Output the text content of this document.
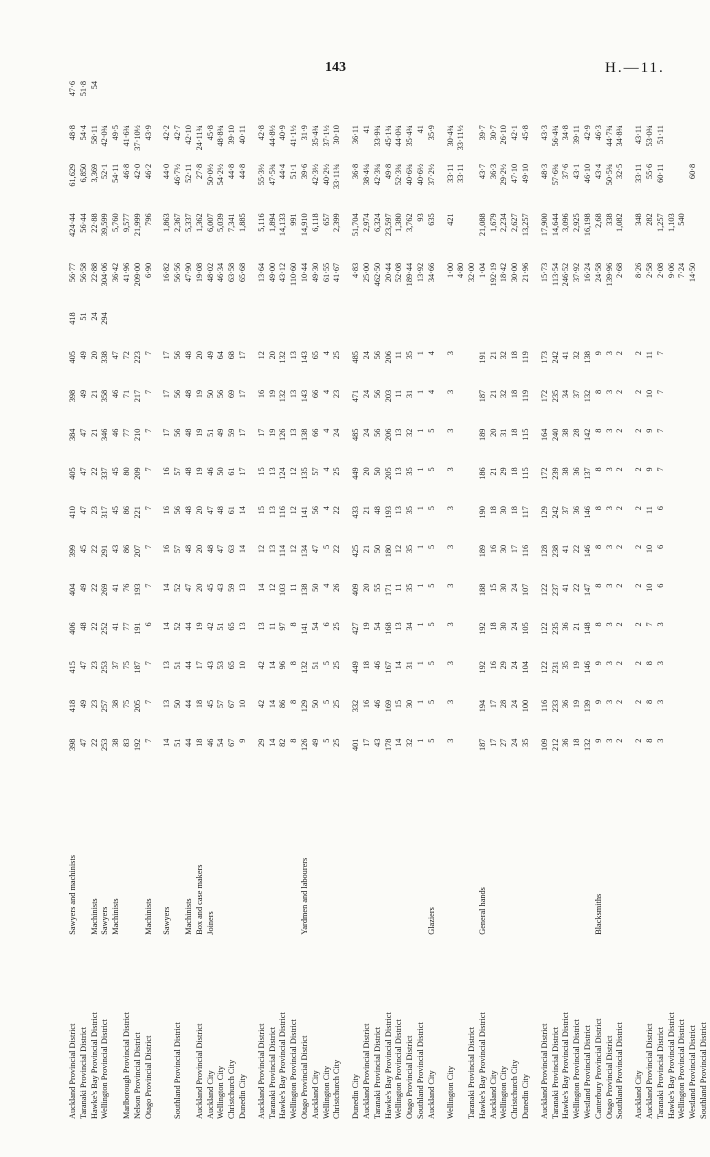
143	H.—11.
Auckland Provincial District	Sawyers and machinists	398	418	415	406	404	399	410	405	384	398	405	418	56·77	424·44	61,629	48·8	47·6
Taranaki Provincial District		47	49	47	48	49	45	47	47	47	49	49	51	56·58	56·44	6,850	54·4	51·8
Hawke's Bay Provincial District	Machinists	22	23	23	22	22	22	23	22	21	21	20	24	22·88	22·88	3,369	58·11	54
Wellington Provincial District	Sawyers	253	257	253	252	269	291	317	337	346	358	338	294	304·06	39,599	52·1	42·0¾	
	Machinists	38	38	37	41	41	43	45	45	46	46	47		36·42	5,760	54·11	49·5	
Marlborough Provincial District		83	75	75	77	76	86	86	80	77	71	72		41·96	9,577	46·8	41·6¾	
Nelson Provincial District		192	205	187	191	193	207	221	209	210	217	223		209·00	21,999	42·0	37·10½	
Otago Provincial District	Machinists	7	7	7	6	7	7	7	7	7	7	7		6·90	796	46·2	43·9	

	Sawyers	14	13	13	14	14	16	16	16	17	17	17		16·82	1,863	44·0	42·2	
Southland Provincial District		51	50	51	52	52	57	56	57	56	56	56		56·56	2,367	46·7½	42·7	
	Machinists	44	44	44	44	47	48	48	48	48	48	48		47·90	5,337	52·11	42·10	
Auckland Provincial District	Box and case makers	18	18	17	19	20	20	20	19	19	19	20		19·08	1,362	27·8	24·11¾	
Auckland City	Joiners	46	45	43	42	45	48	47	46	51	50	49		48·02	6,007	50·0½	45·8	
Wellington City		54	57	53	51	43	47	48	50	49	56	64		46·34	5,039	54·2½	48·8¾	
Christchurch City		67	67	65	65	59	63	61	61	59	69	68		63·58	7,341	44·8	39·10	
Dunedin City		9	10	10	13	13	14	14	17	17	17	17		65·68	1,885	44·8	40·11	

Auckland Provincial District		29	42	42	13	14	12	15	15	17	16	12		13·64	5,116	55·3½	42·8	
Taranaki Provincial District		14	14	14	11	12	13	13	13	19	19	20		49·00	1,894	47·5¾	44·8½	
Hawke's Bay Provincial District		82	86	96	97	103	114	116	124	126	132	132		43·12	14,133	44·4	40·9	
Wellington Provincial District		8	8	8	8	11	12	12	12	13	13	13		110·60	991	51·1	41·1½	
Otago Provincial District	Yardmen and labourers	126	129	132	141	138	134	141	135	138	143	143		10·44	14,910	39·6	31·9	
Auckland City		49	50	51	54	50	47	56	57	66	66	65		49·30	6,118	42·3½	35·4¾	
Wellington City		5	5	5	6	4	5	4	4	4	4	4		61·55	657	40·2½	37·1½	
Christchurch City		25	25	25	25	26	22	22	25	24	23	25		41·67	2,399	33·11¾	30·10	

Dunedin City		401	332	449	427	409	425	433	449	485	471	485		4·83	51,704	36·8	36·11	
Auckland Provincial District		17	16	18	19	20	21	21	20	24	24	24		25·00	2,974	38·4¼	41	
Taranaki Provincial District		43	46	46	54	55	50	48	50	56	56	56		462·50	6,324	42·3¼	33·9¾	
Hawke's Bay Provincial District		178	169	167	168	171	180	193	205	206	203	206		20·44	23,597	49·8	45·1¾	
Wellington Provincial District		14	15	14	13	11	12	13	13	13	11	11		52·08	1,380	52·3¾	44·0¾	
Otago Provincial District		32	30	31	34	35	35	35	35	32	31	35		189·44	3,762	40·6¾	35·4¾	
Southland Provincial District		1	1	1	1	1	1	1	1	1	1	1		13·92	93	40·6½	41	
Auckland City	Glaziers	5	5	5	5	5	5	5	5	5	4	4		34·66	635	37·2½	35·9	

Wellington City		3	3	3	3	3	3	3	3	3	3	3		1·00	421	33·11	30·4¾	
														4·80		33·11	33·11½	
Taranaki Provincial District														32·00				
Hawke's Bay Provincial District	General hands	187	194	192	192	188	189	190	186	189	187	191		1·04	21,088	43·7	39·7	
Auckland City		17	17	16	18	15	16	18	21	20	21	21		192·19	1,679	36·3	30·7	
Wellington City		27	28	29	30	30	30	30	29	31	32	32		18·42	2,234	29·2½	26·10	
Christchurch City		24	24	24	24	24	17	18	18	18	18	18		30·00	2,627	47·10	42·1	
Dunedin City		35	100	104	105	107	116	117	115	115	119	119		21·96	13,257	49·10	45·8	

Auckland Provincial District		109	116	122	122	122	128	129	172	164	172	173		15·73	17,900	48·3	43·3	
Taranaki Provincial District		212	233	231	235	237	238	242	239	240	235	242		113·54	14,644	57·6¾	56·4¾	
Hawke's Bay Provincial District		36	36	35	36	41	41	37	38	38	34	41		246·52	3,096	37·6	34·8	
Wellington Provincial District		18	19	19	21	22	22	36	36	28	37	32		37·92	2,925	43·1	39·11	
Westland Provincial District		132	139	146	148	147	146	146	137	142	132	138		16·24	16,198	46·10	42·9	
Canterbury Provincial District	Blacksmiths	9	9	9	8	8	8	8	8	8	8	9		24·58	2,68	43·4	46·3	
Otago Provincial District		3	3	3	3	3	3	3	3	3	3	3		139·96	338	50·5¾	44·7¾	
Southland Provincial District		2	2	2	2	2	2	2	2	2	2	2		2·68	1,082	32·5	34·8¾	

Auckland City		2	2	2	2	2	2	2	2	2	2	2		8·26	348	33·11	43·11	
Auckland Provincial District		8	8	8	7	10	10	11	9	9	10	11		2·58	282	55·6	53·0¾	
Taranaki Provincial District		3	3	3	3	6	6	6	7	7	7	7		2·08	1,257	60·11	51·11	
Hawke's Bay Provincial District														9·06	1,103			
Wellington Provincial District														7·24	540			
Westland Provincial District														14·50		60·8		
Southland Provincial District																		
